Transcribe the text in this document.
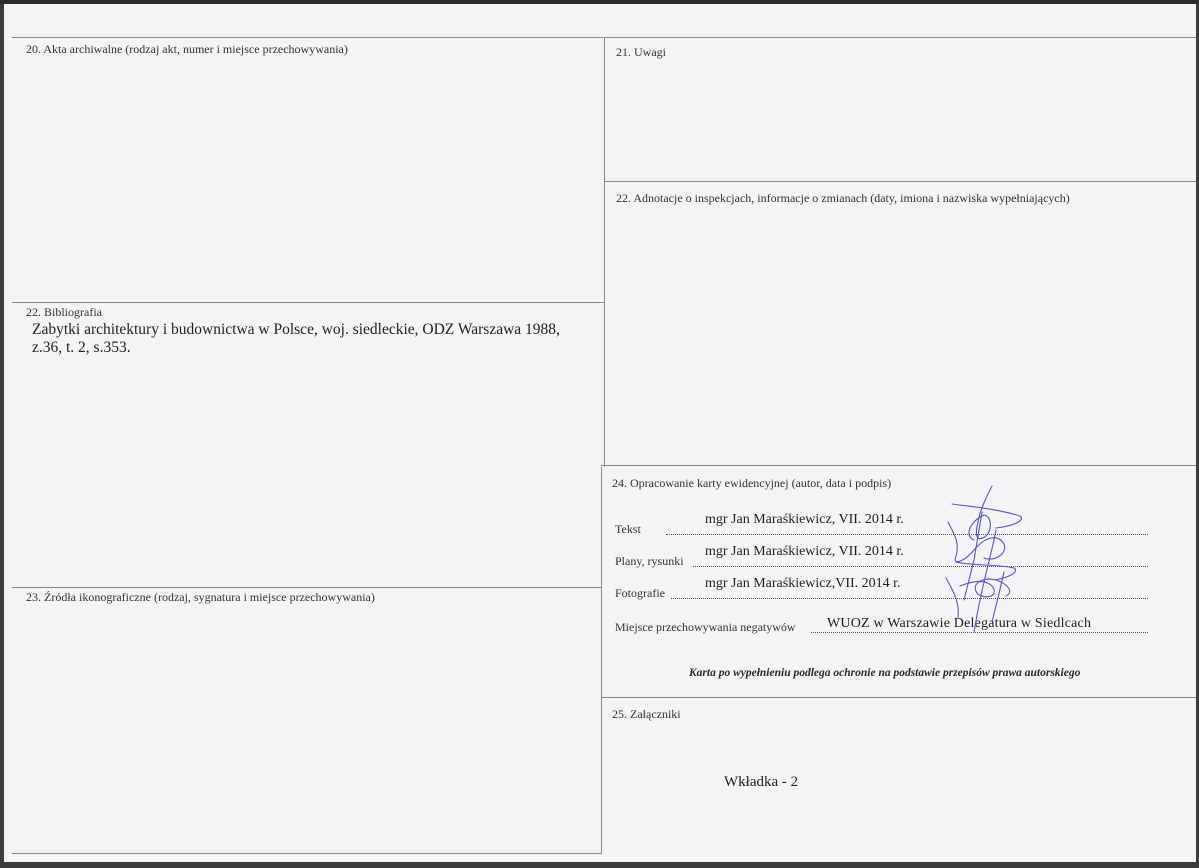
20. Akta archiwalne (rodzaj akt, numer i miejsce przechowywania)	21. Uwagi
22. Adnotacje o inspekcjach, informacje o zmianach (daty, imiona i nazwiska wypełniających)
22. Bibliografia
23. Źródła ikonograficzne (rodzaj, sygnatura i miejsce przechowywania)
24. Opracowanie karty ewidencyjnej (autor, data i podpis)
25. Załączniki
Zabytki architektury i budownictwa w Polsce, woj. siedleckie, ODZ Warszawa 1988,
z.36, t. 2, s.353.
Tekst
mgr Jan Maraśkiewicz, VII. 2014 r.
Plany, rysunki
mgr Jan Maraśkiewicz, VII. 2014 r.
Fotografie
mgr Jan Maraśkiewicz,VII. 2014 r.
Miejsce przechowywania negatywów WUOZ w Warszawie Delegatura w Siedlcach
Karta po wypełnieniu podlega ochronie na podstawie przepisów prawa autorskiego
Wkładka - 2
